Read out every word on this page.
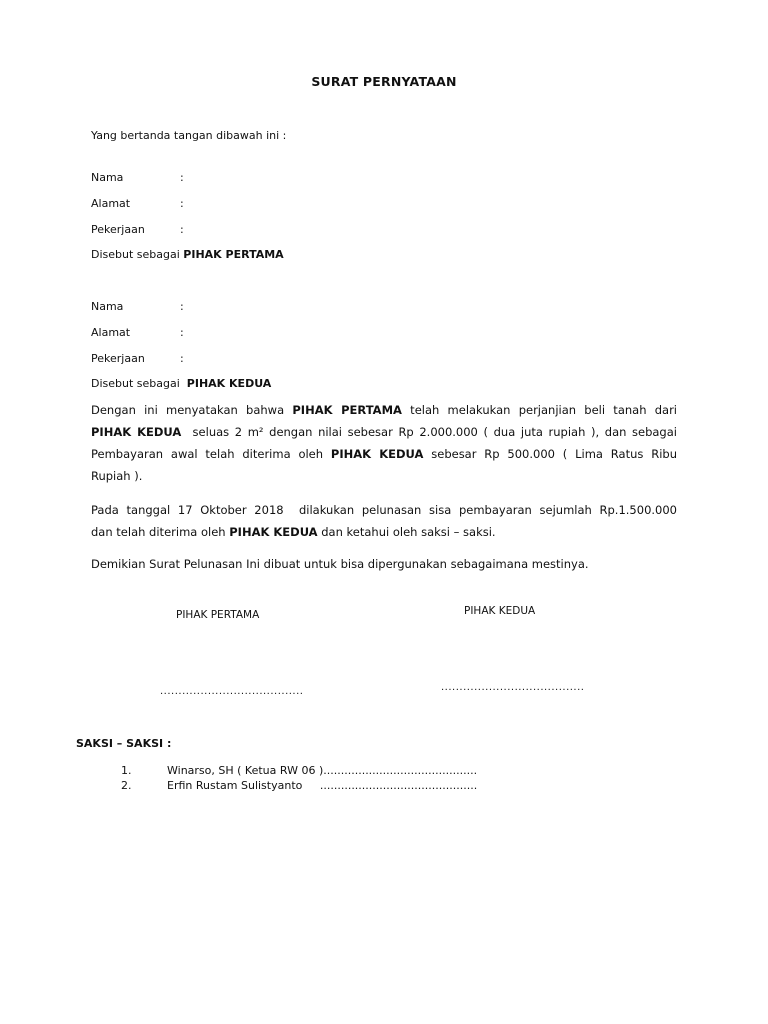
SURAT PERNYATAAN
Yang bertanda tangan dibawah ini :
Nama	:
Alamat	:
Pekerjaan	:
Disebut sebagai PIHAK PERTAMA
Nama	:
Alamat	:
Pekerjaan	:
Disebut sebagai  PIHAK KEDUA
Dengan ini menyatakan bahwa PIHAK PERTAMA telah melakukan perjanjian beli tanah dari
PIHAK KEDUA  seluas 2 m² dengan nilai sebesar Rp 2.000.000 ( dua juta rupiah ), dan sebagai
Pembayaran awal telah diterima oleh PIHAK KEDUA sebesar Rp 500.000 ( Lima Ratus Ribu
Rupiah ).
Pada tanggal 17 Oktober 2018  dilakukan pelunasan sisa pembayaran sejumlah Rp.1.500.000
dan telah diterima oleh PIHAK KEDUA dan ketahui oleh saksi – saksi.
Demikian Surat Pelunasan Ini dibuat untuk bisa dipergunakan sebagaimana mestinya.
PIHAK PERTAMA	PIHAK KEDUA
.......................................	.......................................
SAKSI – SAKSI :
1.	Winarso, SH ( Ketua RW 06 )............................................
2.	Erfin Rustam Sulistyanto     .............................................
